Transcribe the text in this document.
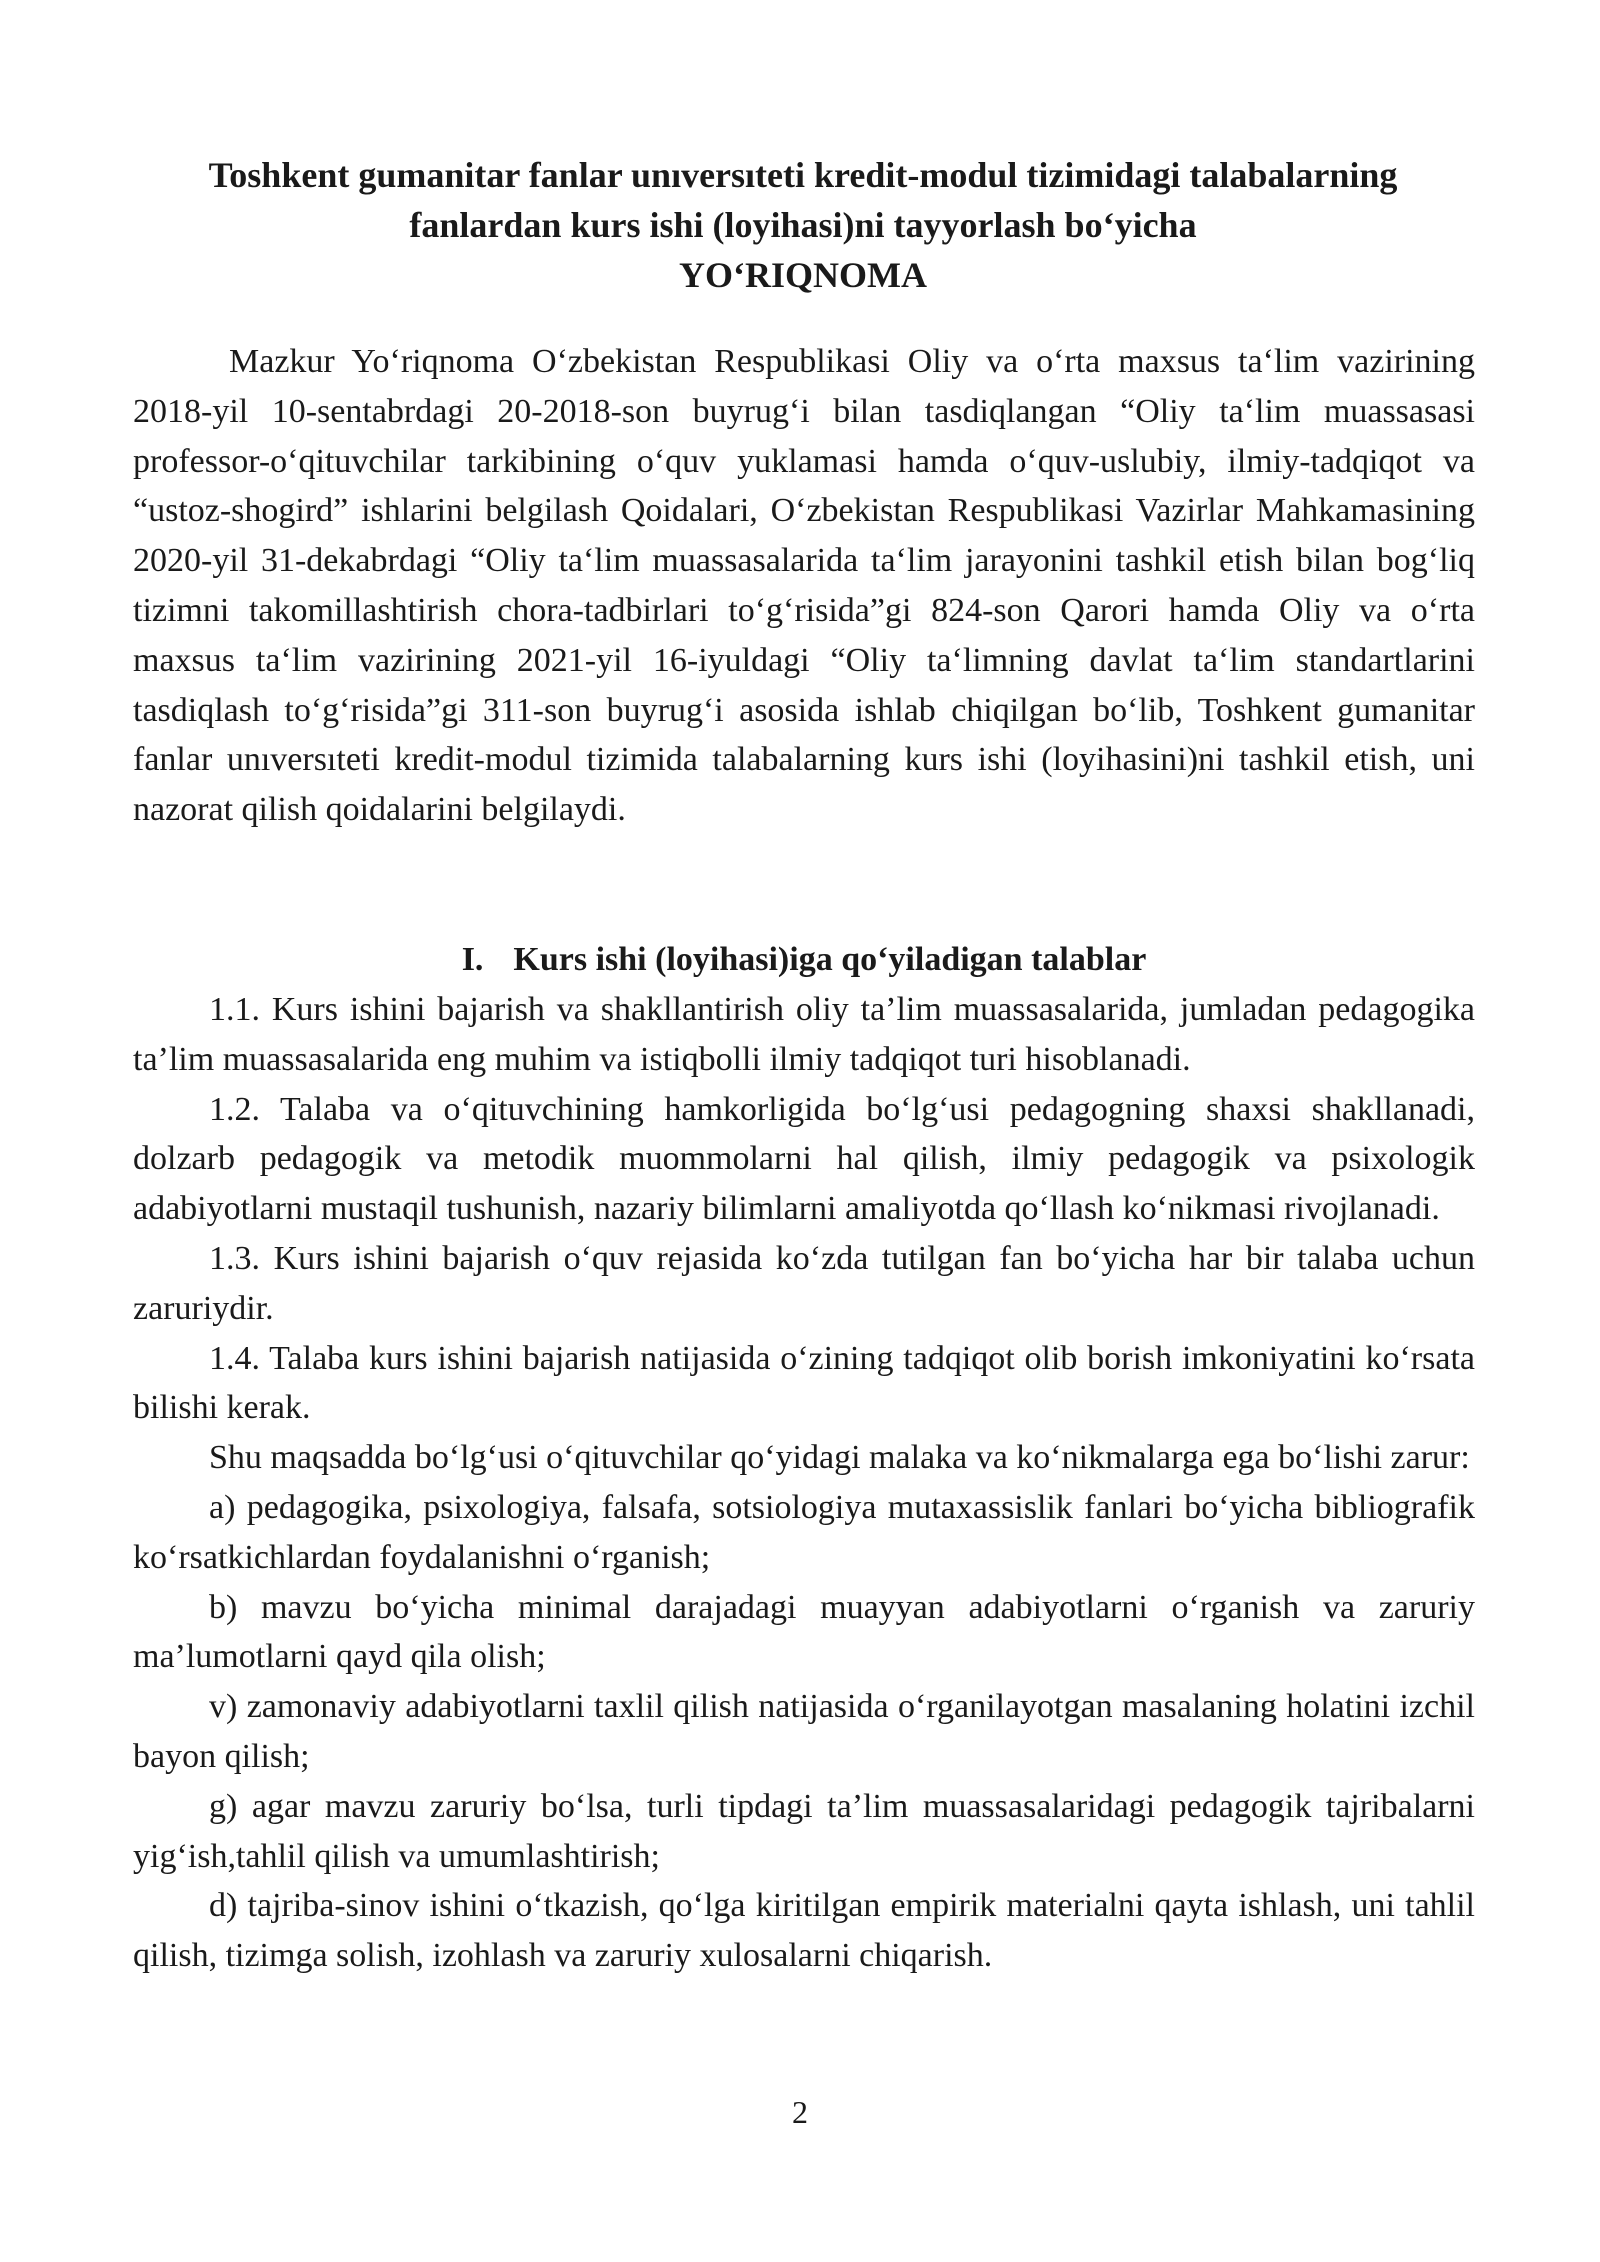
Toshkent gumanitar fanlar unıversıteti kredit-modul tizimidagi talabalarning
fanlardan kurs ishi (loyihasi)ni tayyorlash bo‘yicha
YO‘RIQNOMA

Mazkur Yo‘riqnoma O‘zbekistan Respublikasi Oliy va o‘rta maxsus ta‘lim vazirining 2018-yil 10-sentabrdagi 20-2018-son buyrug‘i bilan tasdiqlangan “Oliy ta‘lim muassasasi professor-o‘qituvchilar tarkibining o‘quv yuklamasi hamda o‘quv-uslubiy, ilmiy-tadqiqot va “ustoz-shogird” ishlarini belgilash Qoidalari, O‘zbekistan Respublikasi Vazirlar Mahkamasining 2020-yil 31-dekabrdagi “Oliy ta‘lim muassasalarida ta‘lim jarayonini tashkil etish bilan bog‘liq tizimni takomillashtirish chora-tadbirlari to‘g‘risida”gi 824-son Qarori hamda Oliy va o‘rta maxsus ta‘lim vazirining 2021-yil 16-iyuldagi “Oliy ta‘limning davlat ta‘lim standartlarini tasdiqlash to‘g‘risida”gi 311-son buyrug‘i asosida ishlab chiqilgan bo‘lib, Toshkent gumanitar fanlar unıversıteti kredit-modul tizimida talabalarning kurs ishi (loyihasini)ni tashkil etish, uni nazorat qilish qoidalarini belgilaydi.

I. Kurs ishi (loyihasi)iga qo‘yiladigan talablar

1.1. Kurs ishini bajarish va shakllantirish oliy ta’lim muassasalarida, jumladan pedagogika ta’lim muassasalarida eng muhim va istiqbolli ilmiy tadqiqot turi hisoblanadi.

1.2. Talaba va o‘qituvchining hamkorligida bo‘lg‘usi pedagogning shaxsi shakllanadi, dolzarb pedagogik va metodik muommolarni hal qilish, ilmiy pedagogik va psixologik adabiyotlarni mustaqil tushunish, nazariy bilimlarni amaliyotda qo‘llash ko‘nikmasi rivojlanadi.

1.3. Kurs ishini bajarish o‘quv rejasida ko‘zda tutilgan fan bo‘yicha har bir talaba uchun zaruriydir.

1.4. Talaba kurs ishini bajarish natijasida o‘zining tadqiqot olib borish imkoniyatini ko‘rsata bilishi kerak.

Shu maqsadda bo‘lg‘usi o‘qituvchilar qo‘yidagi malaka va ko‘nikmalarga ega bo‘lishi zarur:

a) pedagogika, psixologiya, falsafa, sotsiologiya mutaxassislik fanlari bo‘yicha bibliografik ko‘rsatkichlardan foydalanishni o‘rganish;

b) mavzu bo‘yicha minimal darajadagi muayyan adabiyotlarni o‘rganish va zaruriy ma’lumotlarni qayd qila olish;

v) zamonaviy adabiyotlarni taxlil qilish natijasida o‘rganilayotgan masalaning holatini izchil bayon qilish;

g) agar mavzu zaruriy bo‘lsa, turli tipdagi ta’lim muassasalaridagi pedagogik tajribalarni yig‘ish,tahlil qilish va umumlashtirish;

d) tajriba-sinov ishini o‘tkazish, qo‘lga kiritilgan empirik materialni qayta ishlash, uni tahlil qilish, tizimga solish, izohlash va zaruriy xulosalarni chiqarish.

2
